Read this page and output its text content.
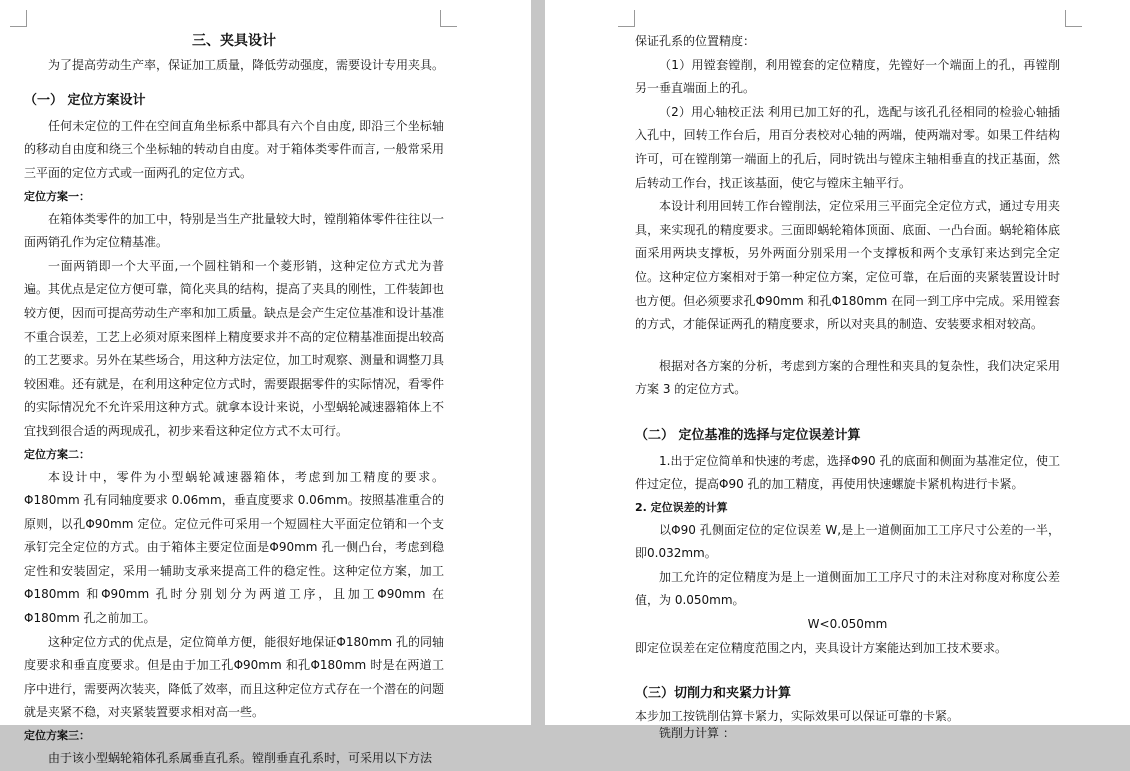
三、夹具设计

为了提高劳动生产率，保证加工质量，降低劳动强度，需要设计专用夹具。

（一） 定位方案设计

任何未定位的工件在空间直角坐标系中都具有六个自由度, 即沿三个坐标轴的移动自由度和绕三个坐标轴的转动自由度。对于箱体类零件而言, 一般常采用三平面的定位方式或一面两孔的定位方式。

定位方案一：

在箱体类零件的加工中，特别是当生产批量较大时，镗削箱体零件往往以一面两销孔作为定位精基准。

一面两销即一个大平面,一个圆柱销和一个菱形销，这种定位方式尤为普遍。其优点是定位方便可靠，简化夹具的结构，提高了夹具的刚性，工件装卸也较方便，因而可提高劳动生产率和加工质量。缺点是会产生定位基准和设计基准不重合误差，工艺上必须对原来图样上精度要求并不高的定位精基准面提出较高的工艺要求。另外在某些场合，用这种方法定位，加工时观察、测量和调整刀具较困难。还有就是，在利用这种定位方式时，需要跟据零件的实际情况，看零件的实际情况允不允许采用这种方式。就拿本设计来说，小型蜗轮减速器箱体上不宜找到很合适的两现成孔，初步来看这种定位方式不太可行。

定位方案二：

本设计中，零件为小型蜗轮减速器箱体，考虑到加工精度的要求。Φ180mm 孔有同轴度要求 0.06mm，垂直度要求 0.06mm。按照基准重合的原则，以孔Φ90mm 定位。定位元件可采用一个短圆柱大平面定位销和一个支承钉完全定位的方式。由于箱体主要定位面是Φ90mm 孔一侧凸台，考虑到稳定性和安装固定，采用一辅助支承来提高工件的稳定性。这种定位方案，加工Φ180mm 和Φ90mm 孔时分别划分为两道工序，且加工Φ90mm 在Φ180mm 孔之前加工。

这种定位方式的优点是，定位简单方便，能很好地保证Φ180mm 孔的同轴度要求和垂直度要求。但是由于加工孔Φ90mm 和孔Φ180mm 时是在两道工序中进行，需要两次装夹，降低了效率，而且这种定位方式存在一个潜在的问题就是夹紧不稳，对夹紧装置要求相对高一些。

定位方案三：

由于该小型蜗轮箱体孔系属垂直孔系。镗削垂直孔系时，可采用以下方法

保证孔系的位置精度：

（1）用镗套镗削，利用镗套的定位精度，先镗好一个端面上的孔，再镗削另一垂直端面上的孔。

（2）用心轴校正法 利用已加工好的孔，选配与该孔孔径相同的检验心轴插入孔中，回转工作台后，用百分表校对心轴的两端，使两端对零。如果工件结构许可，可在镗削第一端面上的孔后，同时铣出与镗床主轴相垂直的找正基面，然后转动工作台，找正该基面，使它与镗床主轴平行。

本设计利用回转工作台镗削法，定位采用三平面完全定位方式，通过专用夹具，来实现孔的精度要求。三面即蜗轮箱体顶面、底面、一凸台面。蜗轮箱体底面采用两块支撑板，另外两面分别采用一个支撑板和两个支承钉来达到完全定位。这种定位方案相对于第一种定位方案，定位可靠，在后面的夹紧装置设计时也方便。但必须要求孔Φ90mm 和孔Φ180mm 在同一到工序中完成。采用镗套的方式，才能保证两孔的精度要求，所以对夹具的制造、安装要求相对较高。

根据对各方案的分析，考虑到方案的合理性和夹具的复杂性，我们决定采用方案 3 的定位方式。

（二） 定位基准的选择与定位误差计算

1.出于定位简单和快速的考虑，选择Φ90 孔的底面和侧面为基准定位，使工件过定位，提高Φ90 孔的加工精度，再使用快速螺旋卡紧机构进行卡紧。

2. 定位误差的计算

以Φ90 孔侧面定位的定位误差 W,是上一道侧面加工工序尺寸公差的一半，即0.032mm。

加工允许的定位精度为是上一道侧面加工工序尺寸的未注对称度对称度公差值，为 0.050mm。

W<0.050mm

即定位误差在定位精度范围之内，夹具设计方案能达到加工技术要求。

（三）切削力和夹紧力计算

本步加工按铣削估算卡紧力，实际效果可以保证可靠的卡紧。

铣削力计算 ：
